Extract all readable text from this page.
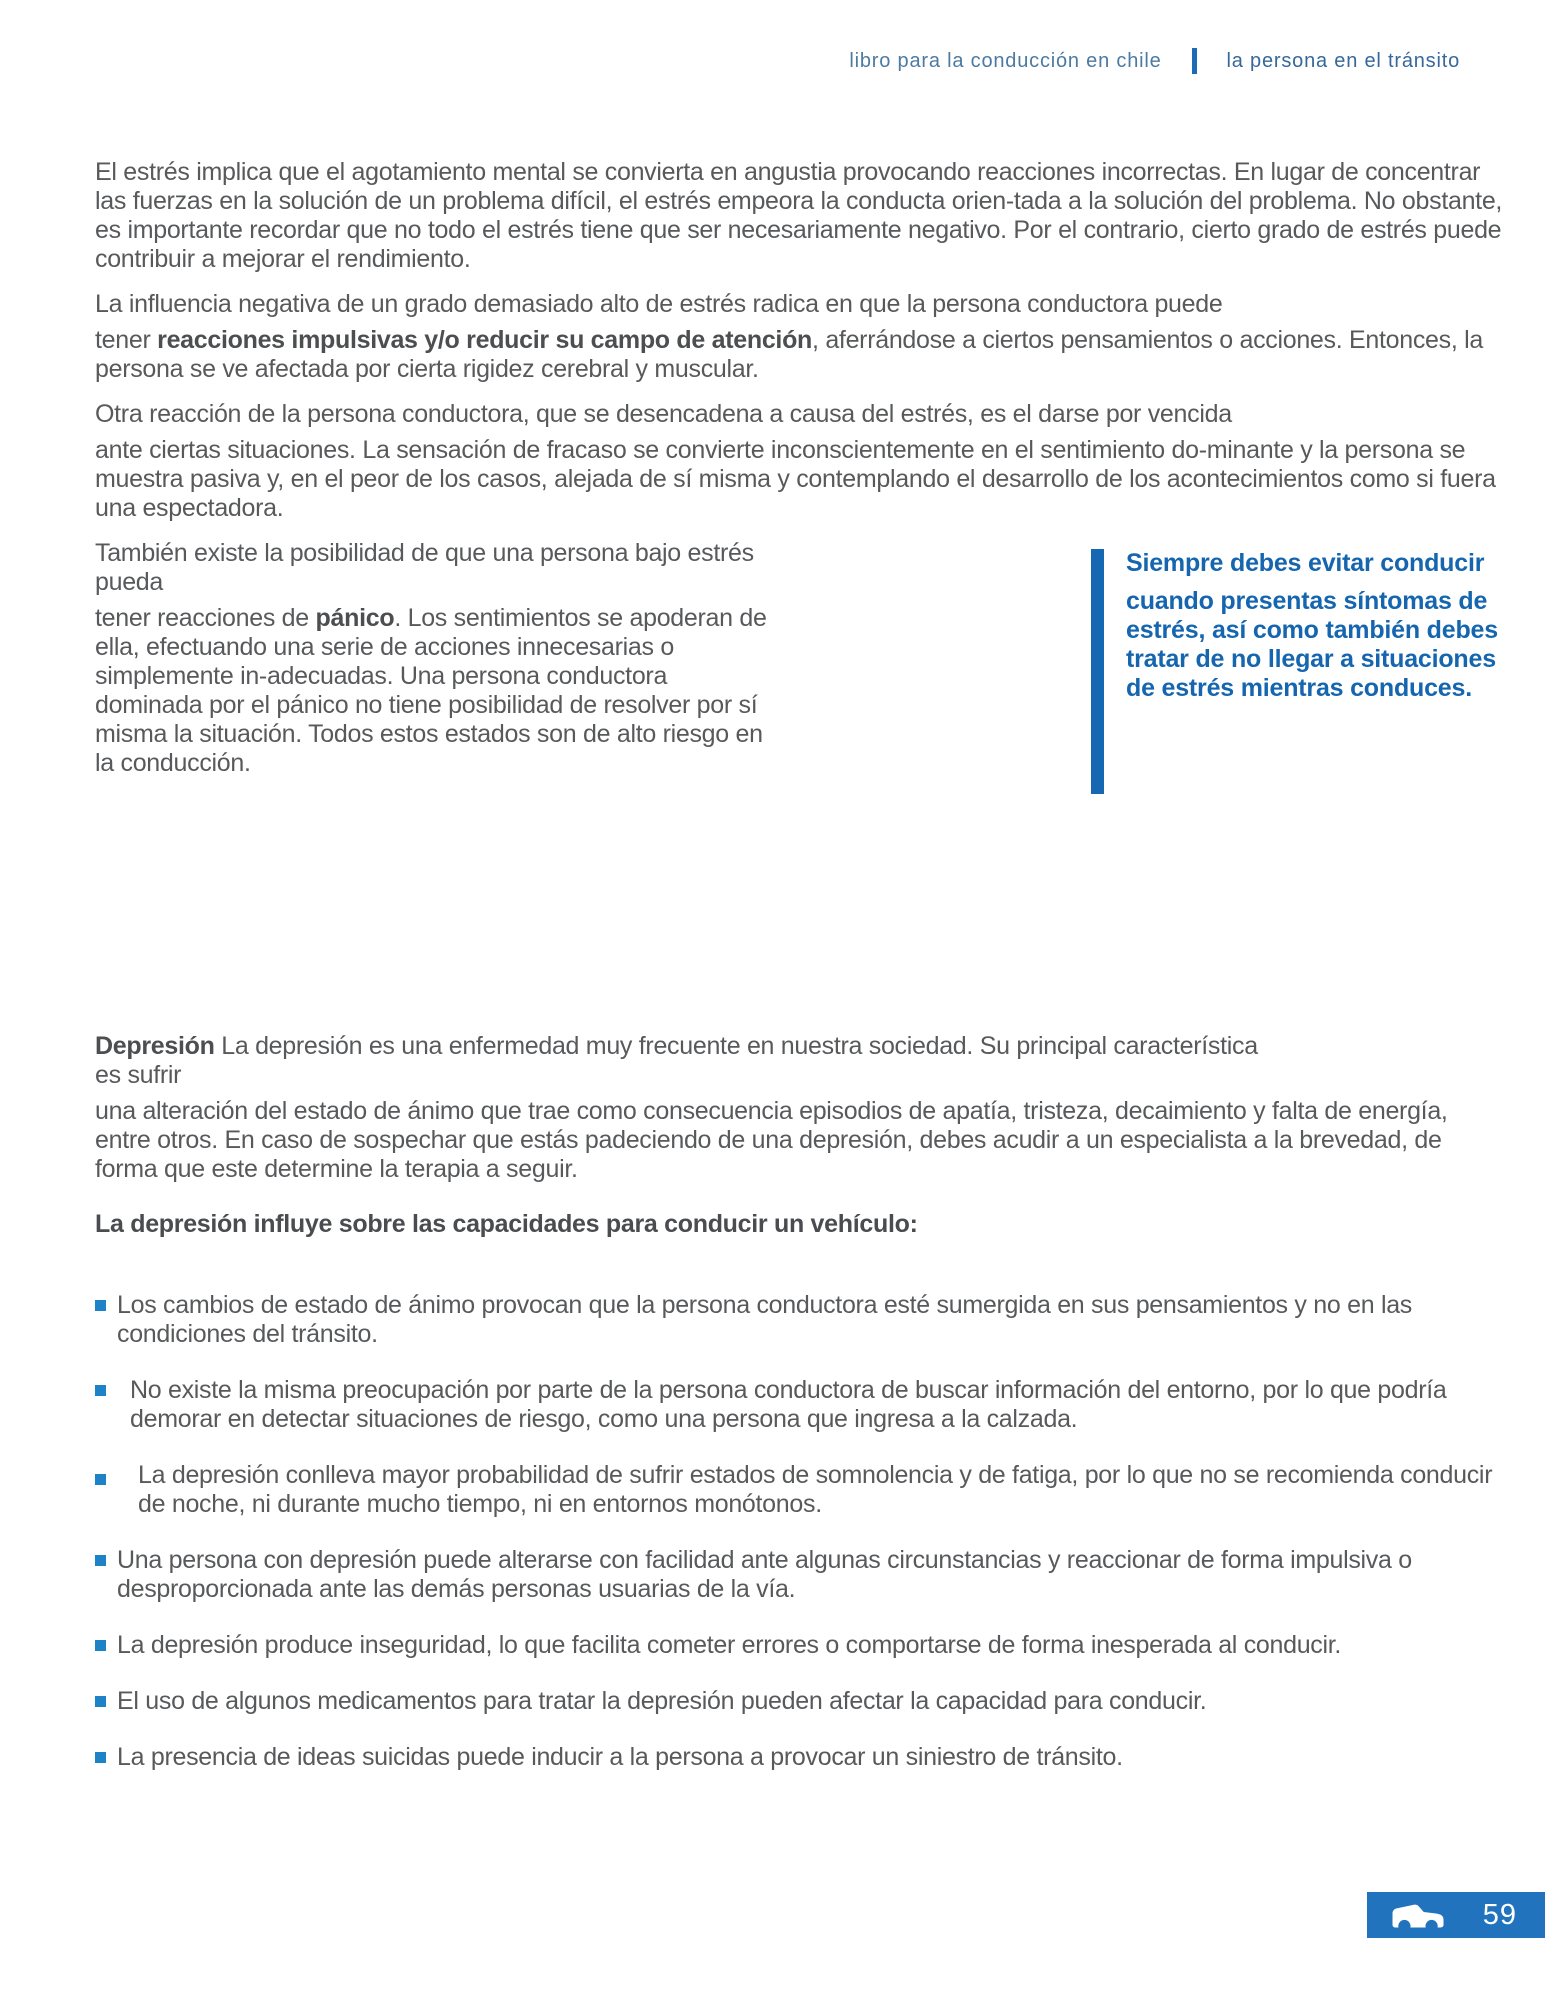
libro para la conducción en chile	la persona en el tránsito

El estrés implica que el agotamiento mental se convierta en angustia provocando reacciones incorrectas. En lugar de concentrar las fuerzas en la solución de un problema difícil, el estrés empeora la conducta orien-tada a la solución del problema. No obstante, es importante recordar que no todo el estrés tiene que ser necesariamente negativo. Por el contrario, cierto grado de estrés puede contribuir a mejorar el rendimiento.

La influencia negativa de un grado demasiado alto de estrés radica en que la persona conductora puede

tener reacciones impulsivas y/o reducir su campo de atención, aferrándose a ciertos pensamientos o acciones. Entonces, la persona se ve afectada por cierta rigidez cerebral y muscular.

Otra reacción de la persona conductora, que se desencadena a causa del estrés, es el darse por vencida

ante ciertas situaciones. La sensación de fracaso se convierte inconscientemente en el sentimiento do-minante y la persona se muestra pasiva y, en el peor de los casos, alejada de sí misma y contemplando el desarrollo de los acontecimientos como si fuera una espectadora.

También existe la posibilidad de que una persona bajo estrés pueda

tener reacciones de pánico. Los sentimientos se apoderan de ella, efectuando una serie de acciones innecesarias o simplemente in-adecuadas. Una persona conductora dominada por el pánico no tiene posibilidad de resolver por sí misma la situación. Todos estos estados son de alto riesgo en la conducción.

Siempre debes evitar conducir

cuando presentas síntomas de estrés, así como también debes tratar de no llegar a situaciones de estrés mientras conduces.

Depresión La depresión es una enfermedad muy frecuente en nuestra sociedad. Su principal característica
es sufrir

una alteración del estado de ánimo que trae como consecuencia episodios de apatía, tristeza, decaimiento y falta de energía, entre otros. En caso de sospechar que estás padeciendo de una depresión, debes acudir a un especialista a la brevedad, de forma que este determine la terapia a seguir.

La depresión influye sobre las capacidades para conducir un vehículo:

Los cambios de estado de ánimo provocan que la persona conductora esté sumergida en sus pensamientos y no en las condiciones del tránsito.
No existe la misma preocupación por parte de la persona conductora de buscar información del entorno, por lo que podría demorar en detectar situaciones de riesgo, como una persona que ingresa a la calzada.
La depresión conlleva mayor probabilidad de sufrir estados de somnolencia y de fatiga, por lo que no se recomienda conducir de noche, ni durante mucho tiempo, ni en entornos monótonos.
Una persona con depresión puede alterarse con facilidad ante algunas circunstancias y reaccionar de forma impulsiva o desproporcionada ante las demás personas usuarias de la vía.
La depresión produce inseguridad, lo que facilita cometer errores o comportarse de forma inesperada al conducir.
El uso de algunos medicamentos para tratar la depresión pueden afectar la capacidad para conducir.
La presencia de ideas suicidas puede inducir a la persona a provocar un siniestro de tránsito.
59
